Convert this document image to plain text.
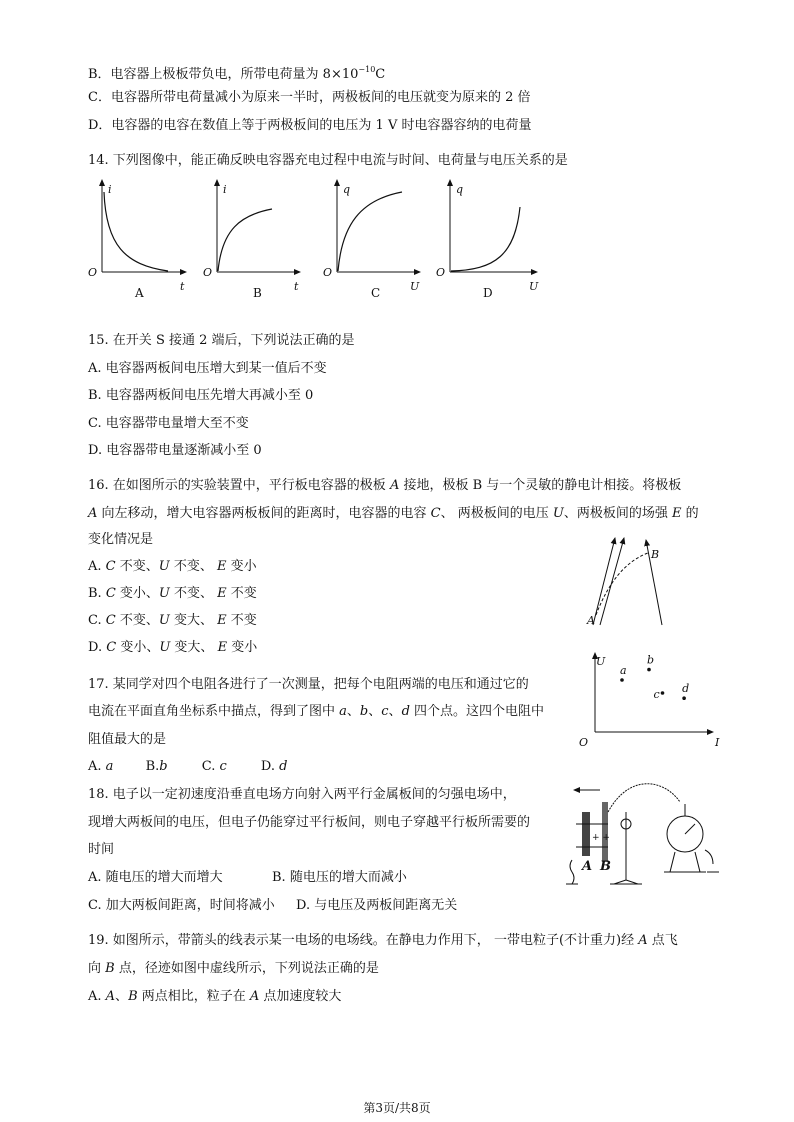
B．电容器上极板带负电，所带电荷量为 $8\times 10^{-10}C$
C．电容器所带电荷量减小为原来一半时，两极板间的电压就变为原来的 2 倍
D．电容器的电容在数值上等于两极板间的电压为 1 V 时电容器容纳的电荷量
14. 下列图像中，能正确反映电容器充电过程中电流与时间、电荷量与电压关系的是
i
t
O
A
i
t
O
B
q
U
O
C
q
U
O
D
15. 在开关 S 接通 2 端后，下列说法正确的是
A. 电容器两板间电压增大到某一值后不变
B. 电容器两板间电压先增大再减小至 0
C. 电容器带电量增大至不变
D. 电容器带电量逐渐减小至 0
16. 在如图所示的实验装置中，平行板电容器的极板 A 接地，极板 B 与一个灵敏的静电计相接。将极板
A 向左移动，增大电容器两板板间的距离时，电容器的电容 C、 两极板间的电压 U、两极板间的场强 E 的
变化情况是
A. C 不变、U 不变、 E 变小
B. C 变小、U 不变、 E 不变
C. C 不变、U 变大、 E 不变
D. C 变小、U 变大、 E 变小
A
B
17. 某同学对四个电阻各进行了一次测量，把每个电阻两端的电压和通过它的
电流在平面直角坐标系中描点，得到了图中 a、b、c、d 四个点。这四个电阻中
阻值最大的是
A. a B.b	C. c	D. d
U
I
O
a
b
c d
18. 电子以一定初速度沿垂直电场方向射入两平行金属板间的匀强电场中，
现增大两板间的电压，但电子仍能穿过平行板间，则电子穿越平行板所需要的
时间
A. 随电压的增大而增大	B. 随电压的增大而减小
C. 加大两板间距离，时间将减小 D. 与电压及两板间距离无关
+ +
A B
19. 如图所示，带箭头的线表示某一电场的电场线。在静电力作用下， 一带电粒子(不计重力)经 A 点飞
向 B 点，径迹如图中虚线所示，下列说法正确的是
A. A、B 两点相比，粒子在 A 点加速度较大
第3页/共8页
